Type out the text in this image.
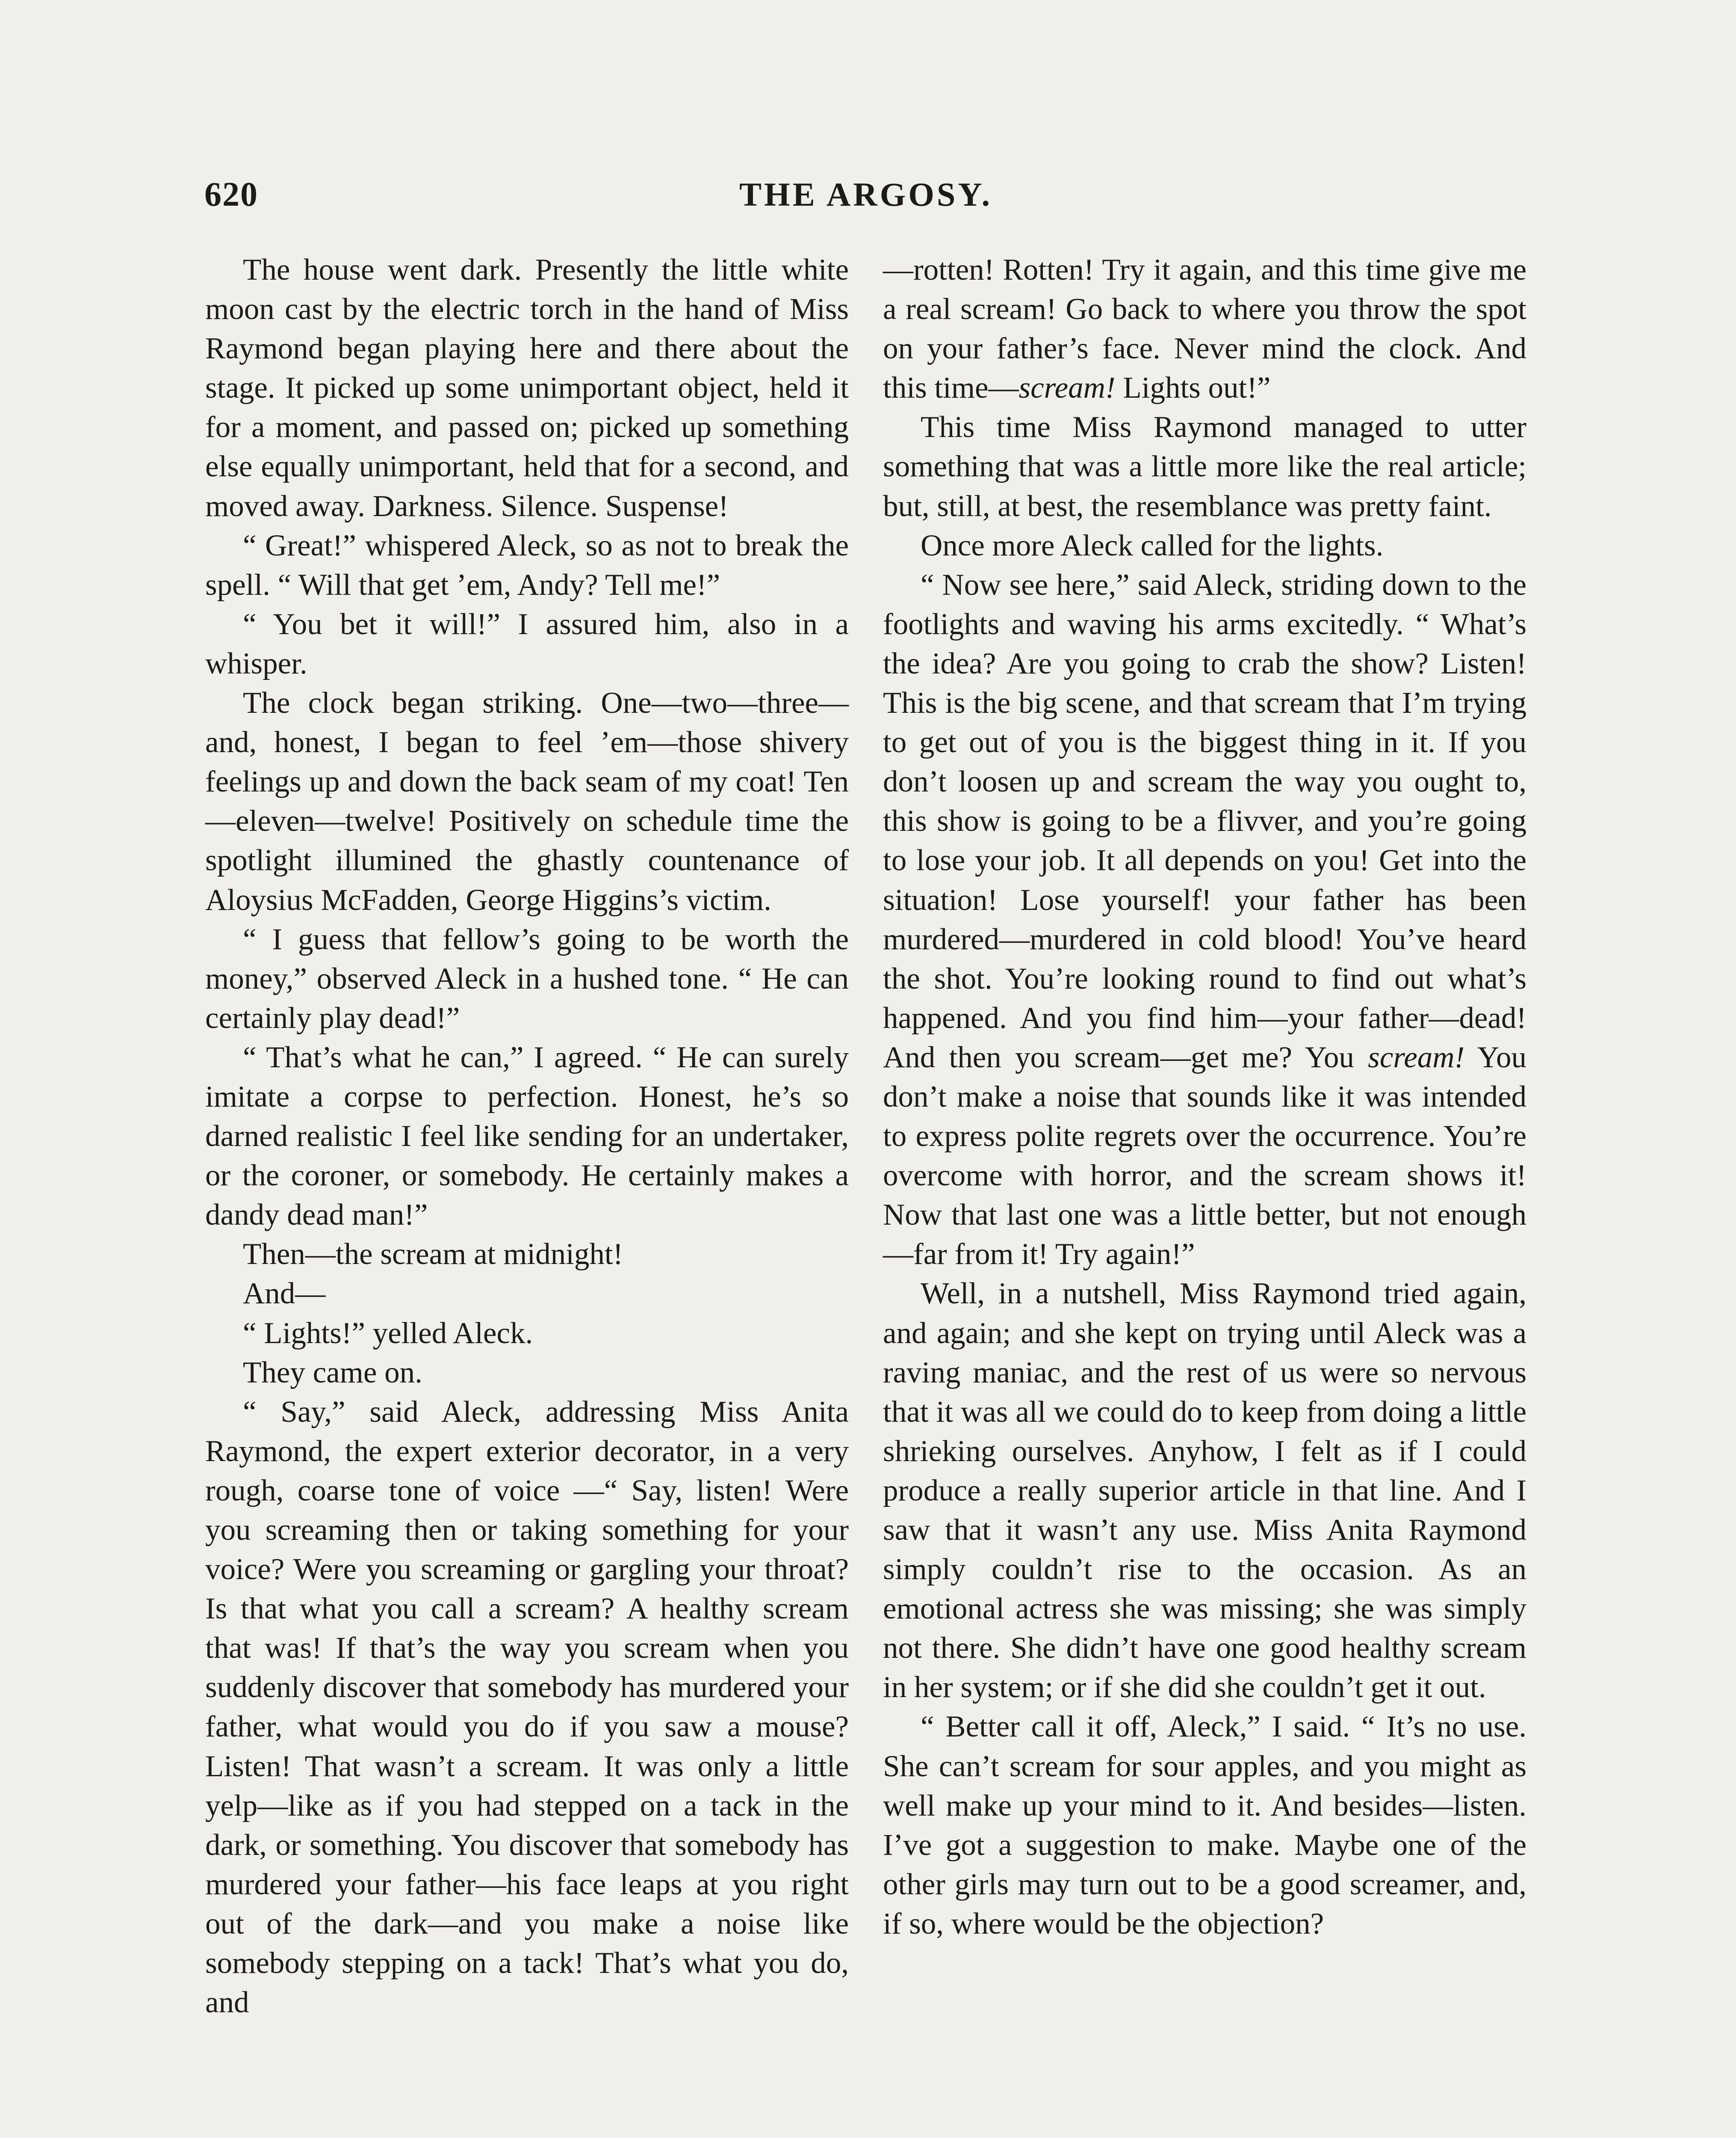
620	THE ARGOSY.

The house went dark. Presently the little white moon cast by the electric torch in the hand of Miss Raymond began playing here and there about the stage. It picked up some unimportant object, held it for a moment, and passed on; picked up something else equally unimportant, held that for a second, and moved away. Darkness. Silence. Suspense!

“ Great!” whispered Aleck, so as not to break the spell. “ Will that get ’em, Andy? Tell me!”

“ You bet it will!” I assured him, also in a whisper.

The clock began striking. One—two—three—and, honest, I began to feel ’em—those shivery feelings up and down the back seam of my coat! Ten—eleven—twelve! Positively on schedule time the spotlight illumined the ghastly countenance of Aloysius McFadden, George Higgins’s victim.

“ I guess that fellow’s going to be worth the money,” observed Aleck in a hushed tone. “ He can certainly play dead!”

“ That’s what he can,” I agreed. “ He can surely imitate a corpse to perfection. Honest, he’s so darned realistic I feel like sending for an undertaker, or the coroner, or somebody. He certainly makes a dandy dead man!”

Then—the scream at midnight!

And—

“ Lights!” yelled Aleck.

They came on.

“ Say,” said Aleck, addressing Miss Anita Raymond, the expert exterior decorator, in a very rough, coarse tone of voice —“ Say, listen! Were you screaming then or taking something for your voice? Were you screaming or gargling your throat? Is that what you call a scream? A healthy scream that was! If that’s the way you scream when you suddenly discover that somebody has murdered your father, what would you do if you saw a mouse? Listen! That wasn’t a scream. It was only a little yelp—like as if you had stepped on a tack in the dark, or something. You discover that somebody has murdered your father—his face leaps at you right out of the dark—and you make a noise like somebody stepping on a tack! That’s what you do, and

—rotten! Rotten! Try it again, and this time give me a real scream! Go back to where you throw the spot on your father’s face. Never mind the clock. And this time—scream! Lights out!”

This time Miss Raymond managed to utter something that was a little more like the real article; but, still, at best, the resemblance was pretty faint.

Once more Aleck called for the lights.

“ Now see here,” said Aleck, striding down to the footlights and waving his arms excitedly. “ What’s the idea? Are you going to crab the show? Listen! This is the big scene, and that scream that I’m trying to get out of you is the biggest thing in it. If you don’t loosen up and scream the way you ought to, this show is going to be a flivver, and you’re going to lose your job. It all depends on you! Get into the situation! Lose yourself! your father has been murdered—murdered in cold blood! You’ve heard the shot. You’re looking round to find out what’s happened. And you find him—your father—dead! And then you scream—get me? You scream! You don’t make a noise that sounds like it was intended to express polite regrets over the occurrence. You’re overcome with horror, and the scream shows it! Now that last one was a little better, but not enough—far from it! Try again!”

Well, in a nutshell, Miss Raymond tried again, and again; and she kept on trying until Aleck was a raving maniac, and the rest of us were so nervous that it was all we could do to keep from doing a little shrieking ourselves. Anyhow, I felt as if I could produce a really superior article in that line. And I saw that it wasn’t any use. Miss Anita Raymond simply couldn’t rise to the occasion. As an emotional actress she was missing; she was simply not there. She didn’t have one good healthy scream in her system; or if she did she couldn’t get it out.

“ Better call it off, Aleck,” I said. “ It’s no use. She can’t scream for sour apples, and you might as well make up your mind to it. And besides—listen. I’ve got a suggestion to make. Maybe one of the other girls may turn out to be a good screamer, and, if so, where would be the objection?
